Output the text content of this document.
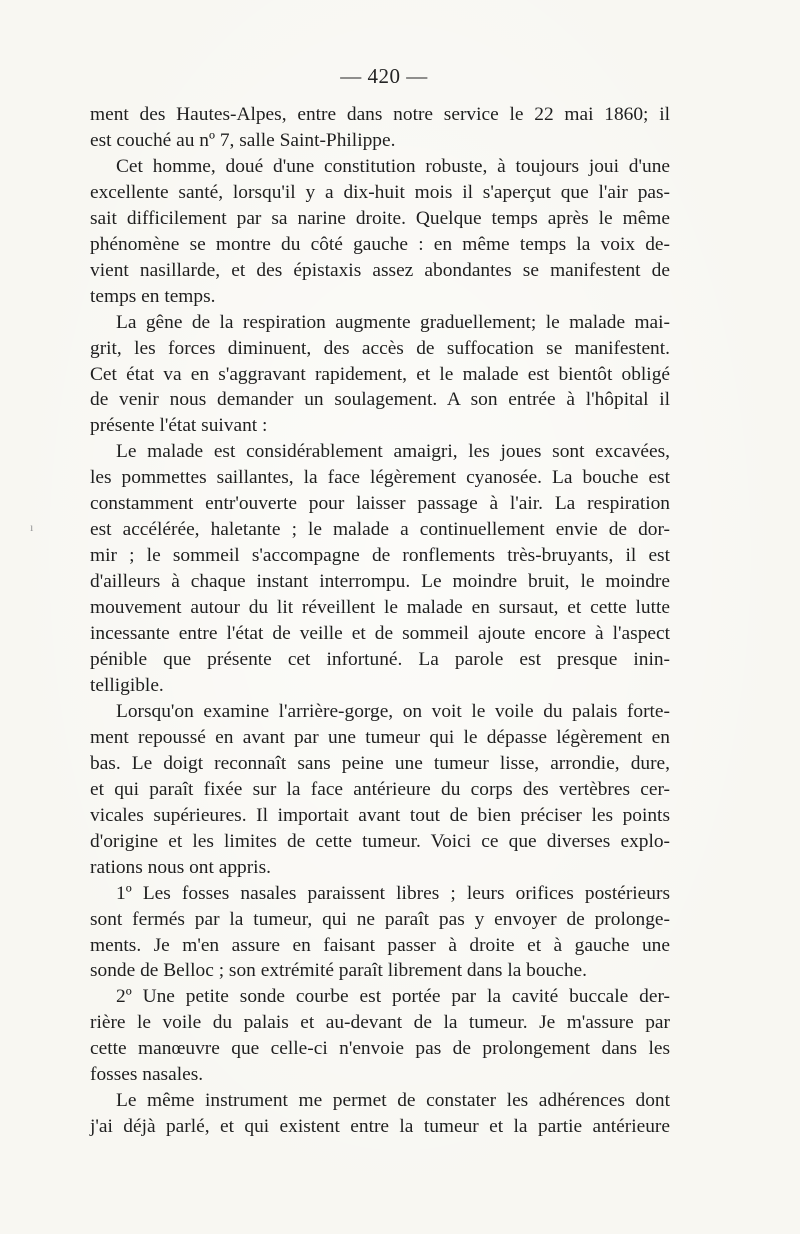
— 420 —
ı
ment des Hautes-Alpes, entre dans notre service le 22 mai 1860; il
est couché au nº 7, salle Saint-Philippe.
Cet homme, doué d'une constitution robuste, à toujours joui d'une
excellente santé, lorsqu'il y a dix-huit mois il s'aperçut que l'air pas-
sait difficilement par sa narine droite. Quelque temps après le même
phénomène se montre du côté gauche : en même temps la voix de-
vient nasillarde, et des épistaxis assez abondantes se manifestent de
temps en temps.
La gêne de la respiration augmente graduellement; le malade mai-
grit, les forces diminuent, des accès de suffocation se manifestent.
Cet état va en s'aggravant rapidement, et le malade est bientôt obligé
de venir nous demander un soulagement. A son entrée à l'hôpital il
présente l'état suivant :
Le malade est considérablement amaigri, les joues sont excavées,
les pommettes saillantes, la face légèrement cyanosée. La bouche est
constamment entr'ouverte pour laisser passage à l'air. La respiration
est accélérée, haletante ; le malade a continuellement envie de dor-
mir ; le sommeil s'accompagne de ronflements très-bruyants, il est
d'ailleurs à chaque instant interrompu. Le moindre bruit, le moindre
mouvement autour du lit réveillent le malade en sursaut, et cette lutte
incessante entre l'état de veille et de sommeil ajoute encore à l'aspect
pénible que présente cet infortuné. La parole est presque inin-
telligible.
Lorsqu'on examine l'arrière-gorge, on voit le voile du palais forte-
ment repoussé en avant par une tumeur qui le dépasse légèrement en
bas. Le doigt reconnaît sans peine une tumeur lisse, arrondie, dure,
et qui paraît fixée sur la face antérieure du corps des vertèbres cer-
vicales supérieures. Il importait avant tout de bien préciser les points
d'origine et les limites de cette tumeur. Voici ce que diverses explo-
rations nous ont appris.
1º Les fosses nasales paraissent libres ; leurs orifices postérieurs
sont fermés par la tumeur, qui ne paraît pas y envoyer de prolonge-
ments. Je m'en assure en faisant passer à droite et à gauche une
sonde de Belloc ; son extrémité paraît librement dans la bouche.
2º Une petite sonde courbe est portée par la cavité buccale der-
rière le voile du palais et au-devant de la tumeur. Je m'assure par
cette manœuvre que celle-ci n'envoie pas de prolongement dans les
fosses nasales.
Le même instrument me permet de constater les adhérences dont
j'ai déjà parlé, et qui existent entre la tumeur et la partie antérieure
